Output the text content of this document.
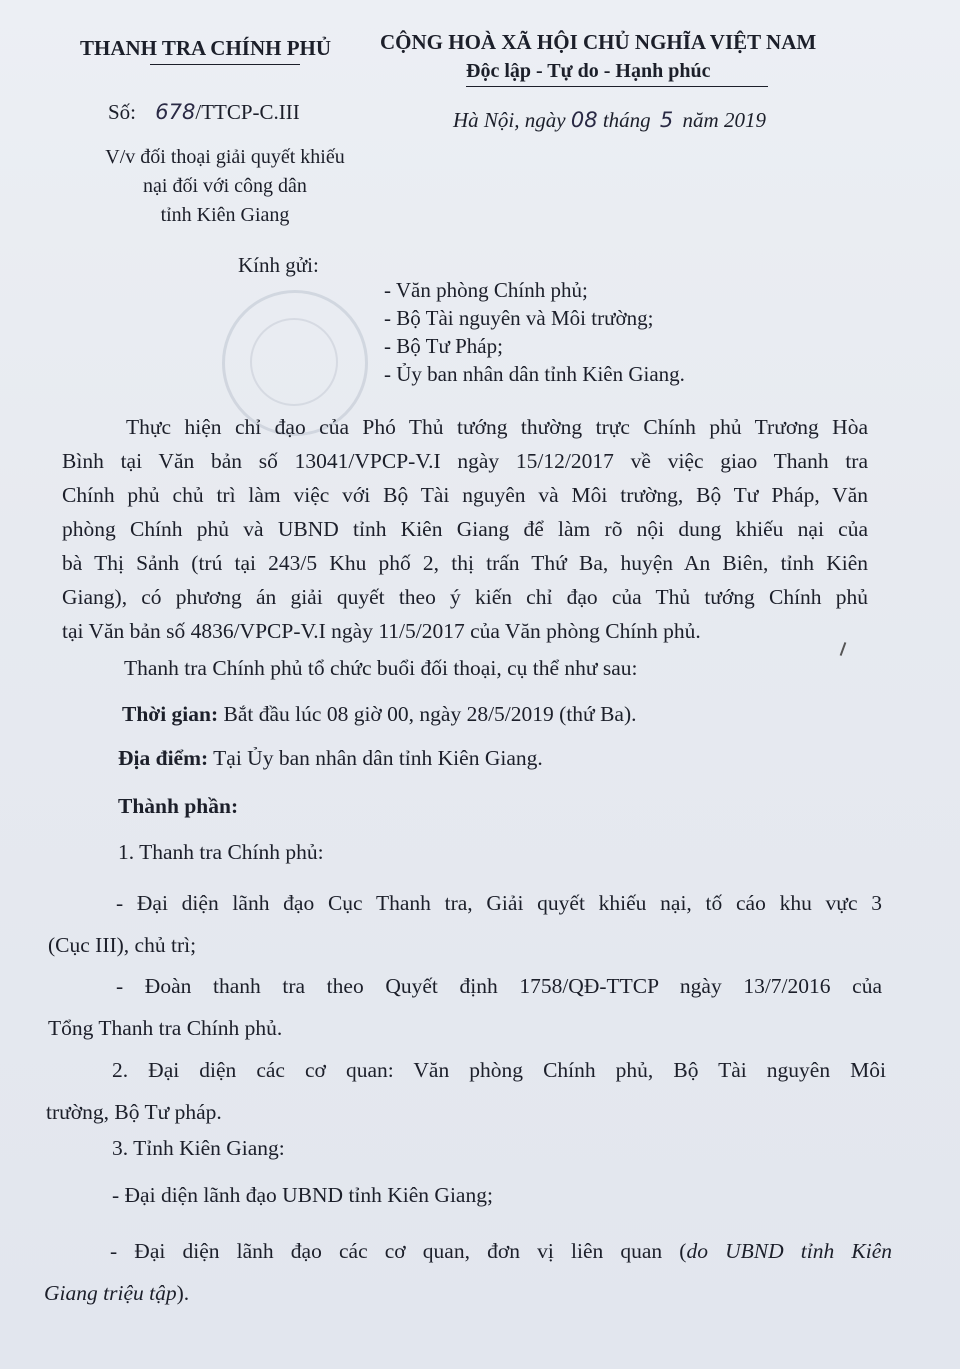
THANH TRA CHÍNH PHỦ
Số: 678/TTCP-C.III
V/v đối thoại giải quyết khiếu
nại đối với công dân
tỉnh Kiên Giang
CỘNG HOÀ XÃ HỘI CHỦ NGHĨA VIỆT NAM
Độc lập - Tự do - Hạnh phúc
Hà Nội, ngày 08 tháng 5 năm 2019
Kính gửi:
- Văn phòng Chính phủ;
- Bộ Tài nguyên và Môi trường;
- Bộ Tư Pháp;
- Ủy ban nhân dân tỉnh Kiên Giang.
Thực hiện chỉ đạo của Phó Thủ tướng thường trực Chính phủ Trương Hòa
Bình tại Văn bản số 13041/VPCP-V.I ngày 15/12/2017 về việc giao Thanh tra
Chính phủ chủ trì làm việc với Bộ Tài nguyên và Môi trường, Bộ Tư Pháp, Văn
phòng Chính phủ và UBND tỉnh Kiên Giang để làm rõ nội dung khiếu nại của
bà Thị Sảnh (trú tại 243/5 Khu phố 2, thị trấn Thứ Ba, huyện An Biên, tỉnh Kiên
Giang), có phương án giải quyết theo ý kiến chỉ đạo của Thủ tướng Chính phủ
tại Văn bản số 4836/VPCP-V.I ngày 11/5/2017 của Văn phòng Chính phủ.
Thanh tra Chính phủ tổ chức buổi đối thoại, cụ thể như sau:
Thời gian: Bắt đầu lúc 08 giờ 00, ngày 28/5/2019 (thứ Ba).
Địa điểm: Tại Ủy ban nhân dân tỉnh Kiên Giang.
Thành phần:
1. Thanh tra Chính phủ:
- Đại diện lãnh đạo Cục Thanh tra, Giải quyết khiếu nại, tố cáo khu vực 3
(Cục III), chủ trì;
- Đoàn thanh tra theo Quyết định 1758/QĐ-TTCP ngày 13/7/2016 của
Tổng Thanh tra Chính phủ.
2. Đại diện các cơ quan: Văn phòng Chính phủ, Bộ Tài nguyên Môi
trường, Bộ Tư pháp.
3. Tỉnh Kiên Giang:
- Đại diện lãnh đạo UBND tỉnh Kiên Giang;
- Đại diện lãnh đạo các cơ quan, đơn vị liên quan (do UBND tỉnh Kiên
Giang triệu tập).
